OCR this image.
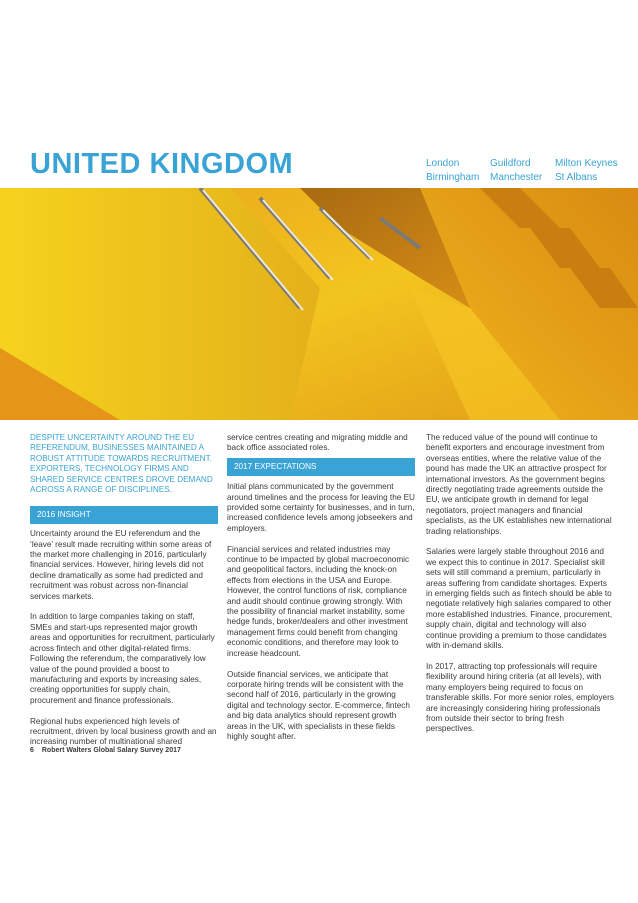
UNITED KINGDOM	London
Birmingham
Guildford
Manchester
Milton Keynes
St Albans

DESPITE UNCERTAINTY AROUND THE EU REFERENDUM, BUSINESSES MAINTAINED A ROBUST ATTITUDE TOWARDS RECRUITMENT. EXPORTERS, TECHNOLOGY FIRMS AND SHARED SERVICE CENTRES DROVE DEMAND ACROSS A RANGE OF DISCIPLINES.

2016 INSIGHT

Uncertainty around the EU referendum and the ‘leave’ result made recruiting within some areas of the market more challenging in 2016, particularly financial services. However, hiring levels did not decline dramatically as some had predicted and recruitment was robust across non-financial services markets.

In addition to large companies taking on staff, SMEs and start-ups represented major growth areas and opportunities for recruitment, particularly across fintech and other digital-related firms. Following the referendum, the comparatively low value of the pound provided a boost to manufacturing and exports by increasing sales, creating opportunities for supply chain, procurement and finance professionals.

Regional hubs experienced high levels of recruitment, driven by local business growth and an increasing number of multinational shared

service centres creating and migrating middle and back office associated roles.

2017 EXPECTATIONS

Initial plans communicated by the government around timelines and the process for leaving the EU provided some certainty for businesses, and in turn, increased confidence levels among jobseekers and employers.

Financial services and related industries may continue to be impacted by global macroeconomic and geopolitical factors, including the knock-on effects from elections in the USA and Europe. However, the control functions of risk, compliance and audit should continue growing strongly. With the possibility of financial market instability, some hedge funds, broker/dealers and other investment management firms could benefit from changing economic conditions, and therefore may look to increase headcount.

Outside financial services, we anticipate that corporate hiring trends will be consistent with the second half of 2016, particularly in the growing digital and technology sector. E-commerce, fintech and big data analytics should represent growth areas in the UK, with specialists in these fields highly sought after.

The reduced value of the pound will continue to benefit exporters and encourage investment from overseas entities, where the relative value of the pound has made the UK an attractive prospect for international investors. As the government begins directly negotiating trade agreements outside the EU, we anticipate growth in demand for legal negotiators, project managers and financial specialists, as the UK establishes new international trading relationships.

Salaries were largely stable throughout 2016 and we expect this to continue in 2017. Specialist skill sets will still command a premium, particularly in areas suffering from candidate shortages. Experts in emerging fields such as fintech should be able to negotiate relatively high salaries compared to other more established industries. Finance, procurement, supply chain, digital and technology will also continue providing a premium to those candidates with in-demand skills.

In 2017, attracting top professionals will require flexibility around hiring criteria (at all levels), with many employers being required to focus on transferable skills. For more senior roles, employers are increasingly considering hiring professionals from outside their sector to bring fresh perspectives.

6 Robert Walters Global Salary Survey 2017
